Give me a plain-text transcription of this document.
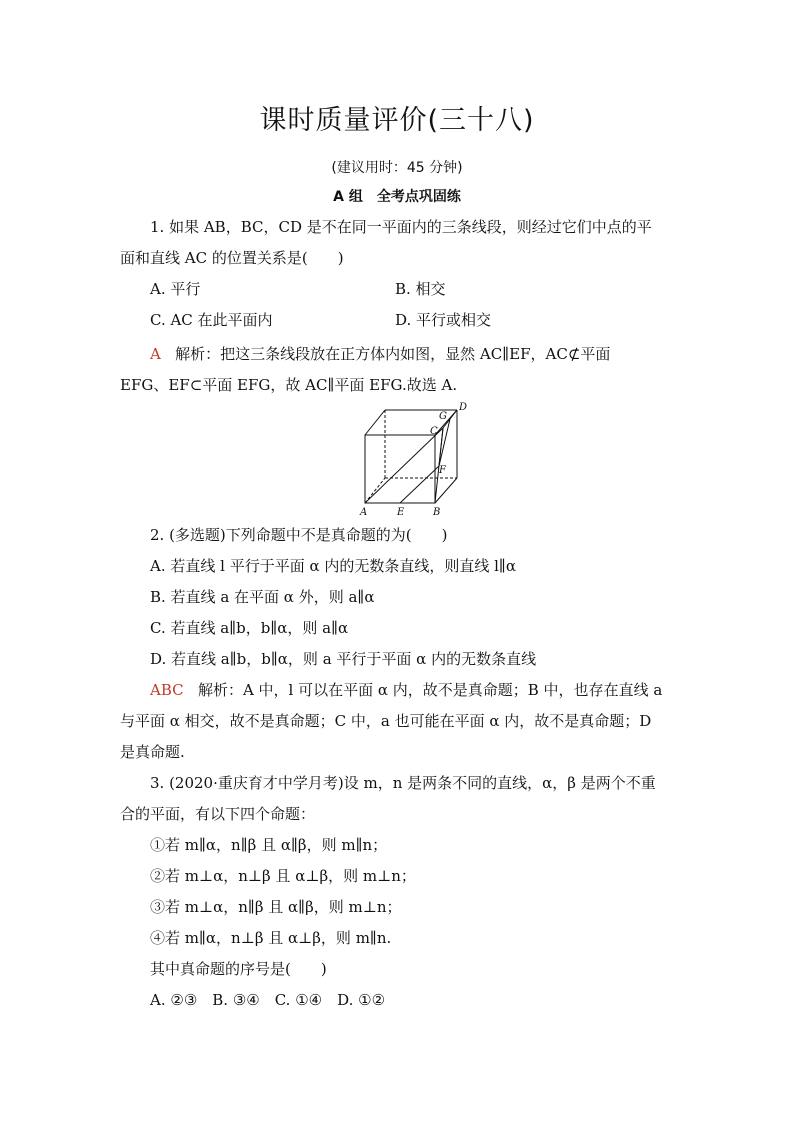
课时质量评价(三十八)
(建议用时：45 分钟)
A 组　全考点巩固练
1. 如果 AB，BC，CD 是不在同一平面内的三条线段，则经过它们中点的平
面和直线 AC 的位置关系是(　　)
A. 平行	B. 相交
C. AC 在此平面内	D. 平行或相交
A 解析：把这三条线段放在正方体内如图，显然 AC∥EF，AC⊄平面
EFG、EF⊂平面 EFG，故 AC∥平面 EFG.故选 A.
G
D
C
F
A	E	B
2. (多选题)下列命题中不是真命题的为(　　)
A. 若直线 l 平行于平面 α 内的无数条直线，则直线 l∥α
B. 若直线 a 在平面 α 外，则 a∥α
C. 若直线 a∥b，b∥α，则 a∥α
D. 若直线 a∥b，b∥α，则 a 平行于平面 α 内的无数条直线
ABC 解析：A 中，l 可以在平面 α 内，故不是真命题；B 中，也存在直线 a
与平面 α 相交，故不是真命题；C 中，a 也可能在平面 α 内，故不是真命题；D
是真命题.
3. (2020·重庆育才中学月考)设 m，n 是两条不同的直线，α，β 是两个不重
合的平面，有以下四个命题：
①若 m∥α，n∥β 且 α∥β，则 m∥n；
②若 m⊥α，n⊥β 且 α⊥β，则 m⊥n；
③若 m⊥α，n∥β 且 α∥β，则 m⊥n；
④若 m∥α，n⊥β 且 α⊥β，则 m∥n.
其中真命题的序号是(　　)
A. ②③　B. ③④　C. ①④　D. ①②
